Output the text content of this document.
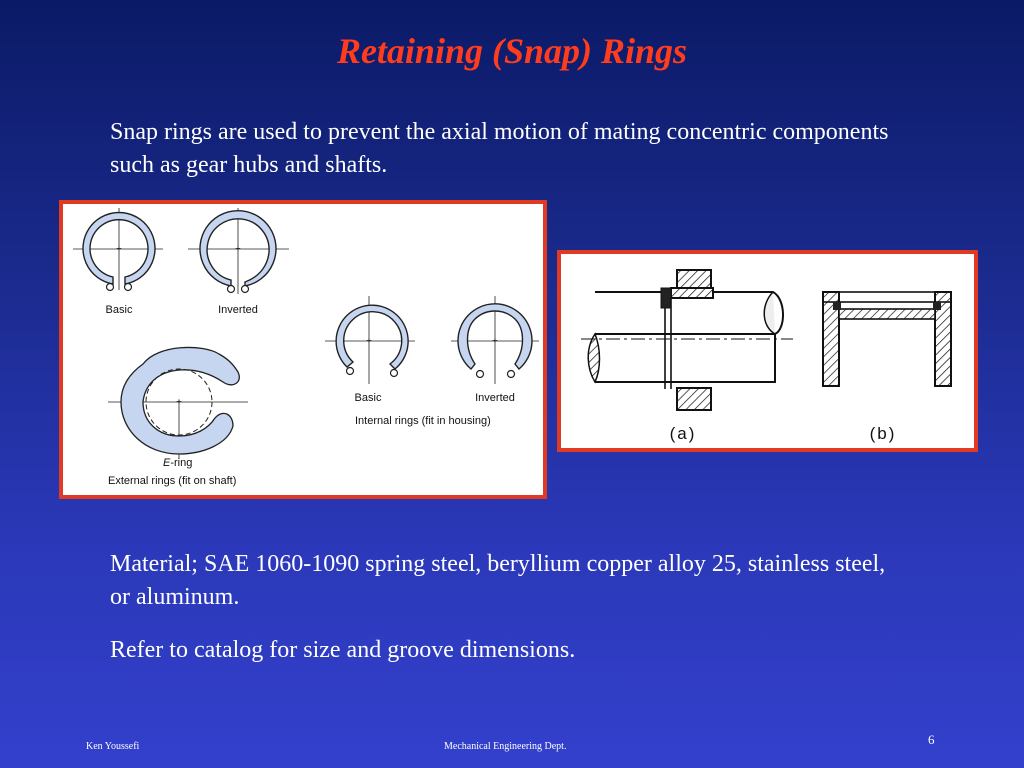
Retaining (Snap) Rings
Snap rings are used to prevent the axial motion of mating concentric components such as gear hubs and shafts.
+
Basic
+
Inverted
+
E-ring
External rings (fit on shaft)
+
Basic
+
Inverted
Internal rings (fit in housing)
(a)	(b)
Material; SAE 1060-1090 spring steel, beryllium copper alloy 25, stainless steel, or aluminum.
Refer to catalog for size and groove dimensions.
Ken Youssefi	Mechanical Engineering Dept.	6
